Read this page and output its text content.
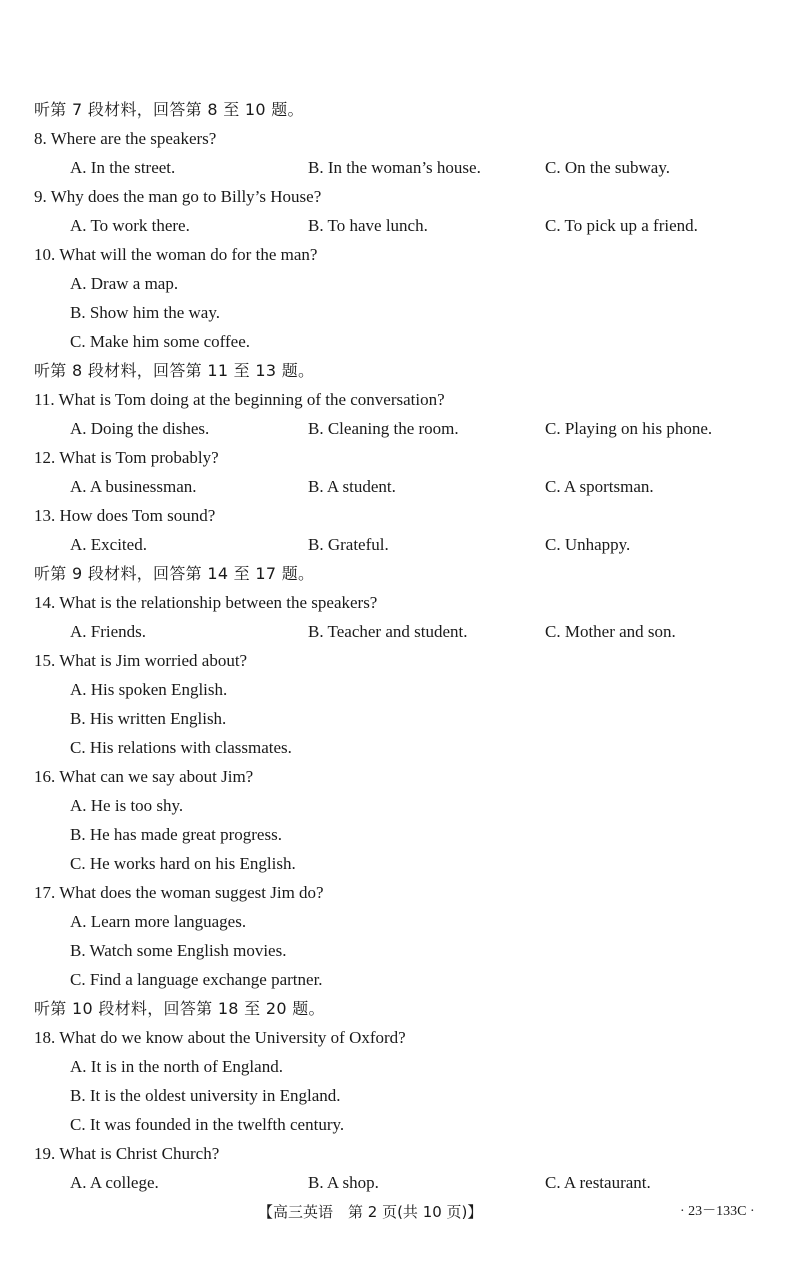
听第 7 段材料，回答第 8 至 10 题。
8. Where are the speakers?
A. In the street.	B. In the woman’s house.	C. On the subway.
9. Why does the man go to Billy’s House?
A. To work there.	B. To have lunch.	C. To pick up a friend.
10. What will the woman do for the man?
A. Draw a map.
B. Show him the way.
C. Make him some coffee.
听第 8 段材料，回答第 11 至 13 题。
11. What is Tom doing at the beginning of the conversation?
A. Doing the dishes.	B. Cleaning the room.	C. Playing on his phone.
12. What is Tom probably?
A. A businessman.	B. A student.	C. A sportsman.
13. How does Tom sound?
A. Excited.	B. Grateful.	C. Unhappy.
听第 9 段材料，回答第 14 至 17 题。
14. What is the relationship between the speakers?
A. Friends.	B. Teacher and student.	C. Mother and son.
15. What is Jim worried about?
A. His spoken English.
B. His written English.
C. His relations with classmates.
16. What can we say about Jim?
A. He is too shy.
B. He has made great progress.
C. He works hard on his English.
17. What does the woman suggest Jim do?
A. Learn more languages.
B. Watch some English movies.
C. Find a language exchange partner.
听第 10 段材料，回答第 18 至 20 题。
18. What do we know about the University of Oxford?
A. It is in the north of England.
B. It is the oldest university in England.
C. It was founded in the twelfth century.
19. What is Christ Church?
A. A college.	B. A shop.	C. A restaurant.
【高三英语　第 2 页(共 10 页)】	· 23－133C ·
